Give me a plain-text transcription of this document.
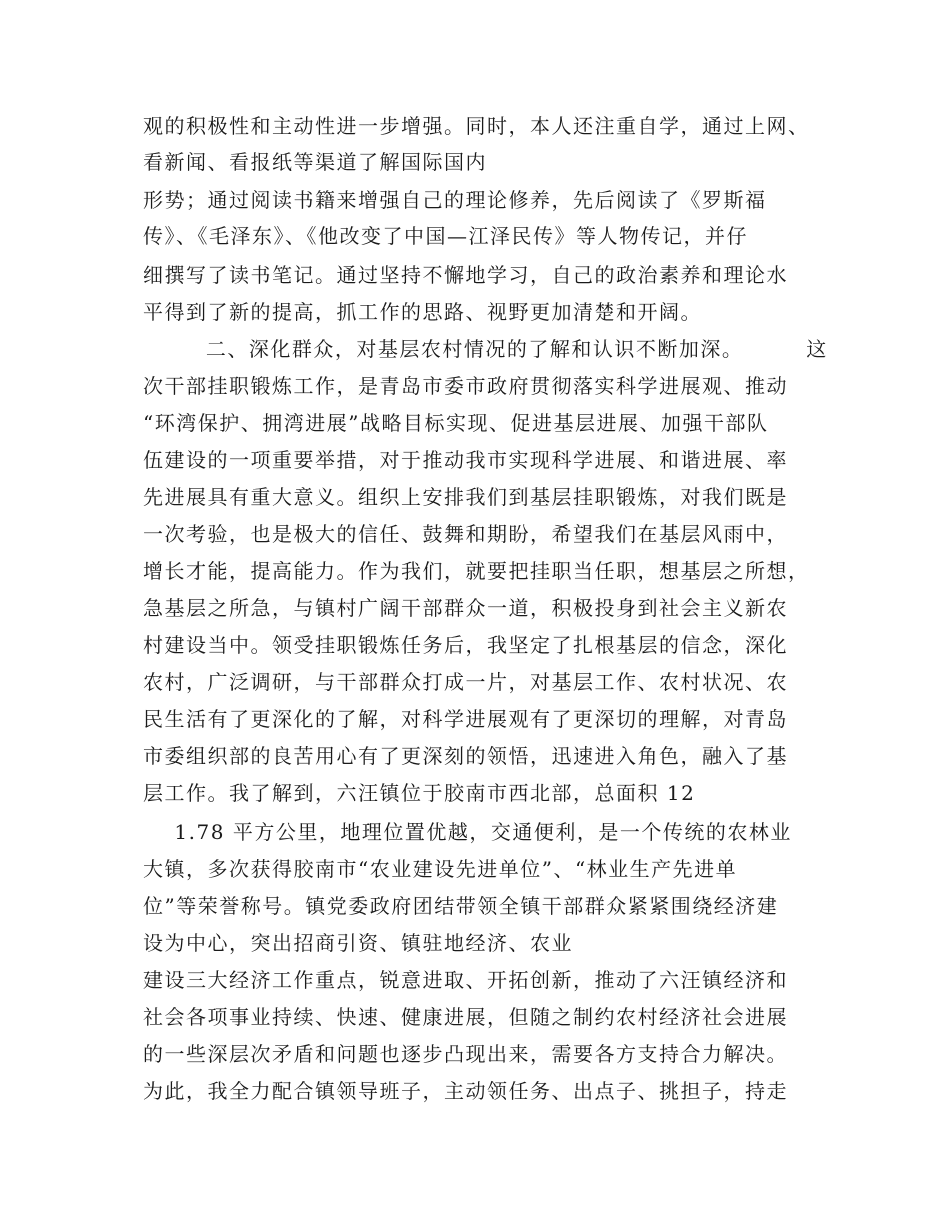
观的积极性和主动性进一步增强。同时，本人还注重自学，通过上网、
看新闻、看报纸等渠道了解国际国内
形势；通过阅读书籍来增强自己的理论修养，先后阅读了《罗斯福
传》、《毛泽东》、《他改变了中国—江泽民传》等人物传记，并仔
细撰写了读书笔记。通过坚持不懈地学习，自己的政治素养和理论水
平得到了新的提高，抓工作的思路、视野更加清楚和开阔。
二、深化群众，对基层农村情况的了解和认识不断加深。        这
次干部挂职锻炼工作，是青岛市委市政府贯彻落实科学进展观、推动
“环湾保护、拥湾进展”战略目标实现、促进基层进展、加强干部队
伍建设的一项重要举措，对于推动我市实现科学进展、和谐进展、率
先进展具有重大意义。组织上安排我们到基层挂职锻炼，对我们既是
一次考验，也是极大的信任、鼓舞和期盼，希望我们在基层风雨中，
增长才能，提高能力。作为我们，就要把挂职当任职，想基层之所想，
急基层之所急，与镇村广阔干部群众一道，积极投身到社会主义新农
村建设当中。领受挂职锻炼任务后，我坚定了扎根基层的信念，深化
农村，广泛调研，与干部群众打成一片，对基层工作、农村状况、农
民生活有了更深化的了解，对科学进展观有了更深切的理解，对青岛
市委组织部的良苦用心有了更深刻的领悟，迅速进入角色，融入了基
层工作。我了解到，六汪镇位于胶南市西北部，总面积 12
1.78 平方公里，地理位置优越，交通便利，是一个传统的农林业
大镇，多次获得胶南市“农业建设先进单位”、“林业生产先进单
位”等荣誉称号。镇党委政府团结带领全镇干部群众紧紧围绕经济建
设为中心，突出招商引资、镇驻地经济、农业
建设三大经济工作重点，锐意进取、开拓创新，推动了六汪镇经济和
社会各项事业持续、快速、健康进展，但随之制约农村经济社会进展
的一些深层次矛盾和问题也逐步凸现出来，需要各方支持合力解决。
为此，我全力配合镇领导班子，主动领任务、出点子、挑担子，持走
